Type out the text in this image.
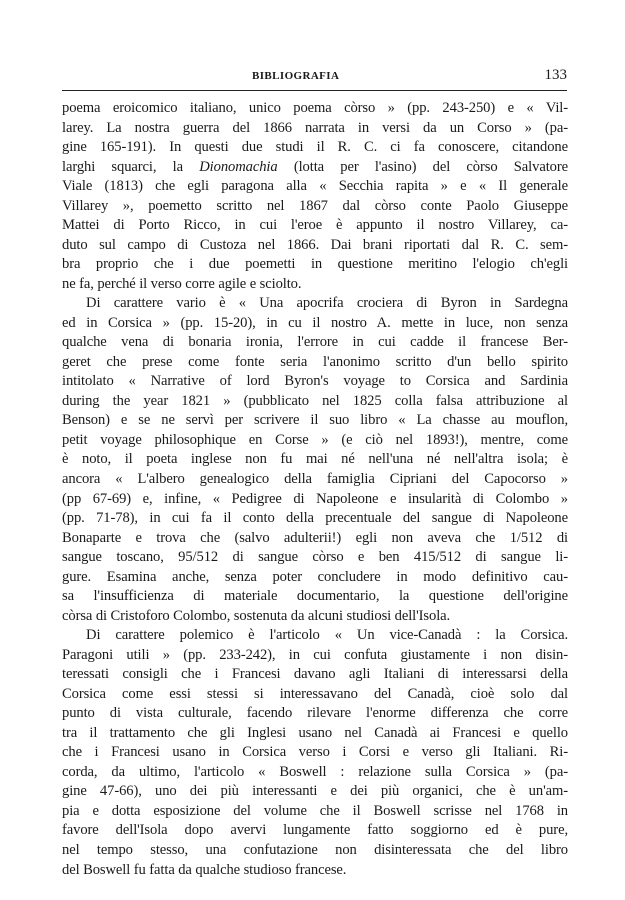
BIBLIOGRAFIA	133
poema eroicomico italiano, unico poema còrso » (pp. 243-250) e « Vil-
larey. La nostra guerra del 1866 narrata in versi da un Corso » (pa-
gine 165-191). In questi due studi il R. C. ci fa conoscere, citandone
larghi squarci, la Dionomachia (lotta per l'asino) del còrso Salvatore
Viale (1813) che egli paragona alla « Secchia rapita » e « Il generale
Villarey », poemetto scritto nel 1867 dal còrso conte Paolo Giuseppe
Mattei di Porto Ricco, in cui l'eroe è appunto il nostro Villarey, ca-
duto sul campo di Custoza nel 1866. Dai brani riportati dal R. C. sem-
bra proprio che i due poemetti in questione meritino l'elogio ch'egli
ne fa, perché il verso corre agile e sciolto.
Di carattere vario è « Una apocrifa crociera di Byron in Sardegna
ed in Corsica » (pp. 15-20), in cu il nostro A. mette in luce, non senza
qualche vena di bonaria ironia, l'errore in cui cadde il francese Ber-
geret che prese come fonte seria l'anonimo scritto d'un bello spirito
intitolato « Narrative of lord Byron's voyage to Corsica and Sardinia
during the year 1821 » (pubblicato nel 1825 colla falsa attribuzione al
Benson) e se ne servì per scrivere il suo libro « La chasse au mouflon,
petit voyage philosophique en Corse » (e ciò nel 1893!), mentre, come
è noto, il poeta inglese non fu mai né nell'una né nell'altra isola; è
ancora « L'albero genealogico della famiglia Cipriani del Capocorso »
(pp 67-69) e, infine, « Pedigree di Napoleone e insularità di Colombo »
(pp. 71-78), in cui fa il conto della precentuale del sangue di Napoleone
Bonaparte e trova che (salvo adulterii!) egli non aveva che 1/512 di
sangue toscano, 95/512 di sangue còrso e ben 415/512 di sangue li-
gure. Esamina anche, senza poter concludere in modo definitivo cau-
sa l'insufficienza di materiale documentario, la questione dell'origine
còrsa di Cristoforo Colombo, sostenuta da alcuni studiosi dell'Isola.
Di carattere polemico è l'articolo « Un vice-Canadà : la Corsica.
Paragoni utili » (pp. 233-242), in cui confuta giustamente i non disin-
teressati consigli che i Francesi davano agli Italiani di interessarsi della
Corsica come essi stessi si interessavano del Canadà, cioè solo dal
punto di vista culturale, facendo rilevare l'enorme differenza che corre
tra il trattamento che gli Inglesi usano nel Canadà ai Francesi e quello
che i Francesi usano in Corsica verso i Corsi e verso gli Italiani. Ri-
corda, da ultimo, l'articolo « Boswell : relazione sulla Corsica » (pa-
gine 47-66), uno dei più interessanti e dei più organici, che è un'am-
pia e dotta esposizione del volume che il Boswell scrisse nel 1768 in
favore dell'Isola dopo avervi lungamente fatto soggiorno ed è pure,
nel tempo stesso, una confutazione non disinteressata che del libro
del Boswell fu fatta da qualche studioso francese.
